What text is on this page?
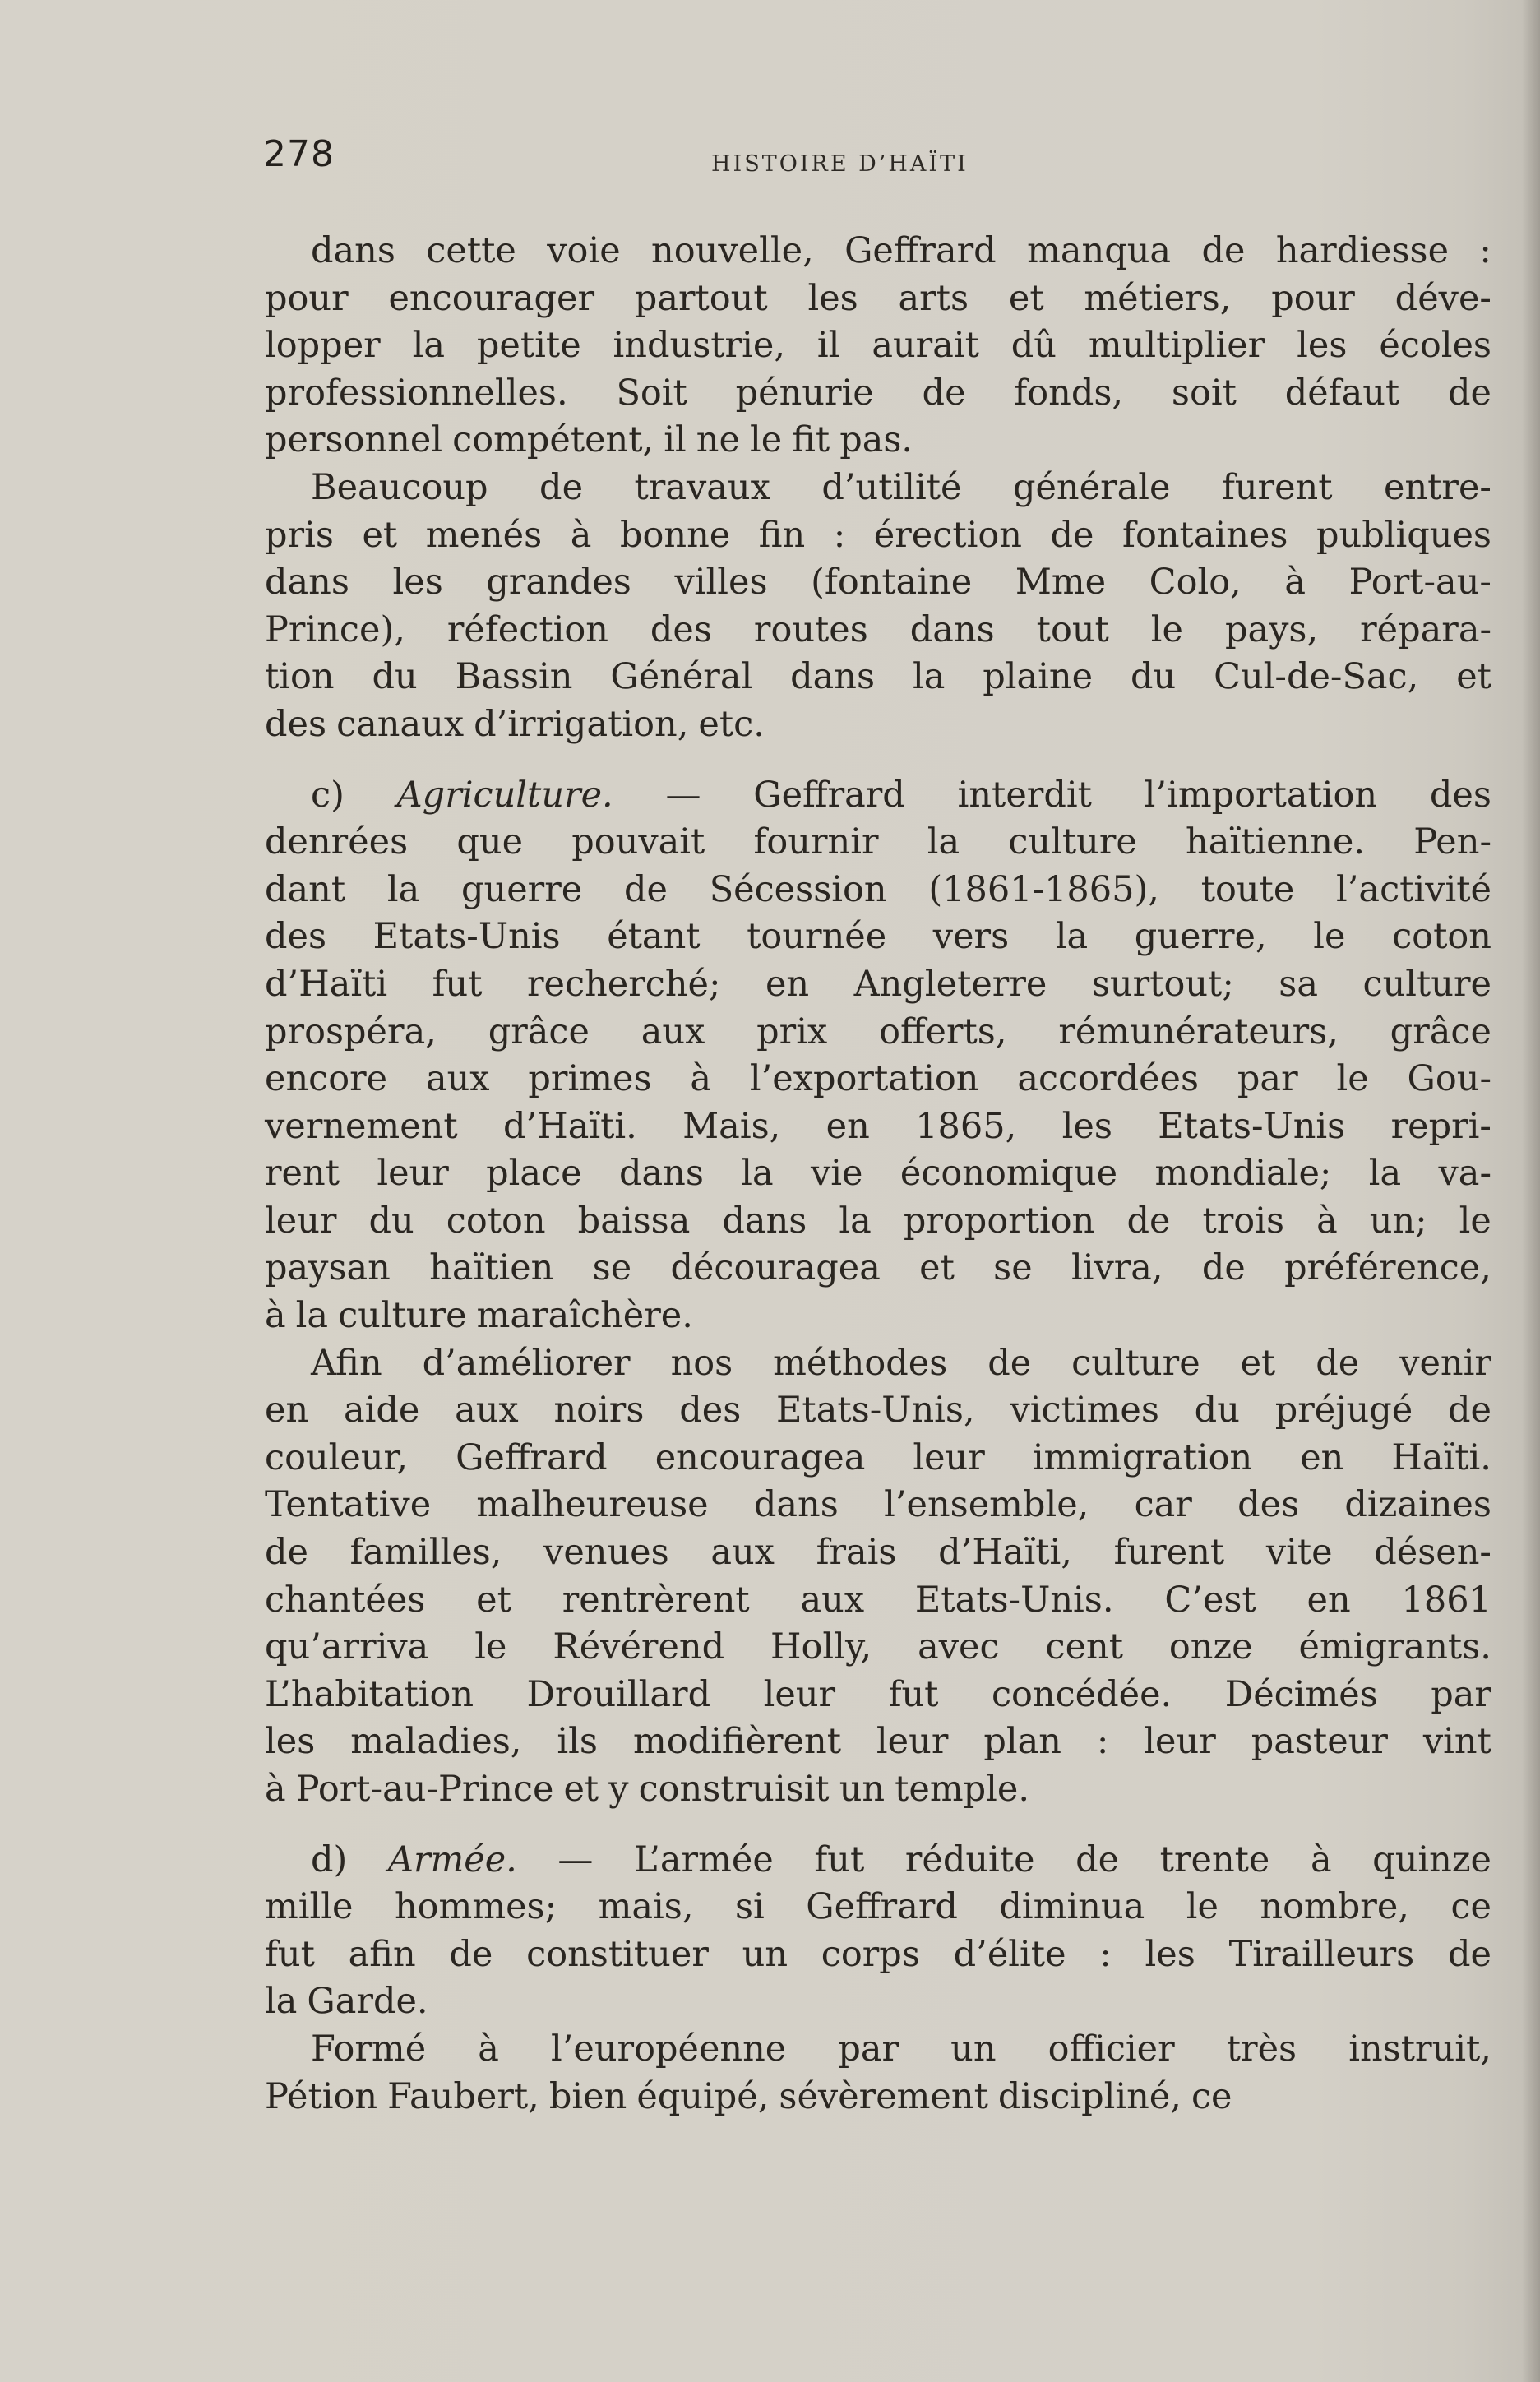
278	HISTOIRE D’HAÏTI
dans cette voie nouvelle, Geffrard manqua de hardiesse :
pour encourager partout les arts et métiers, pour déve-
lopper la petite industrie, il aurait dû multiplier les écoles
professionnelles. Soit pénurie de fonds, soit défaut de
personnel compétent, il ne le fit pas.
Beaucoup de travaux d’utilité générale furent entre-
pris et menés à bonne fin : érection de fontaines publiques
dans les grandes villes (fontaine Mme Colo, à Port-au-
Prince), réfection des routes dans tout le pays, répara-
tion du Bassin Général dans la plaine du Cul-de-Sac, et
des canaux d’irrigation, etc.
c) Agriculture. — Geffrard interdit l’importation des
denrées que pouvait fournir la culture haïtienne. Pen-
dant la guerre de Sécession (1861-1865), toute l’activité
des Etats-Unis étant tournée vers la guerre, le coton
d’Haïti fut recherché; en Angleterre surtout; sa culture
prospéra, grâce aux prix offerts, rémunérateurs, grâce
encore aux primes à l’exportation accordées par le Gou-
vernement d’Haïti. Mais, en 1865, les Etats-Unis repri-
rent leur place dans la vie économique mondiale; la va-
leur du coton baissa dans la proportion de trois à un; le
paysan haïtien se découragea et se livra, de préférence,
à la culture maraîchère.
Afin d’améliorer nos méthodes de culture et de venir
en aide aux noirs des Etats-Unis, victimes du préjugé de
couleur, Geffrard encouragea leur immigration en Haïti.
Tentative malheureuse dans l’ensemble, car des dizaines
de familles, venues aux frais d’Haïti, furent vite désen-
chantées et rentrèrent aux Etats-Unis. C’est en 1861
qu’arriva le Révérend Holly, avec cent onze émigrants.
L’habitation Drouillard leur fut concédée. Décimés par
les maladies, ils modifièrent leur plan : leur pasteur vint
à Port-au-Prince et y construisit un temple.
d) Armée. — L’armée fut réduite de trente à quinze
mille hommes; mais, si Geffrard diminua le nombre, ce
fut afin de constituer un corps d’élite : les Tirailleurs de
la Garde.
Formé à l’européenne par un officier très instruit,
Pétion Faubert, bien équipé, sévèrement discipliné, ce
